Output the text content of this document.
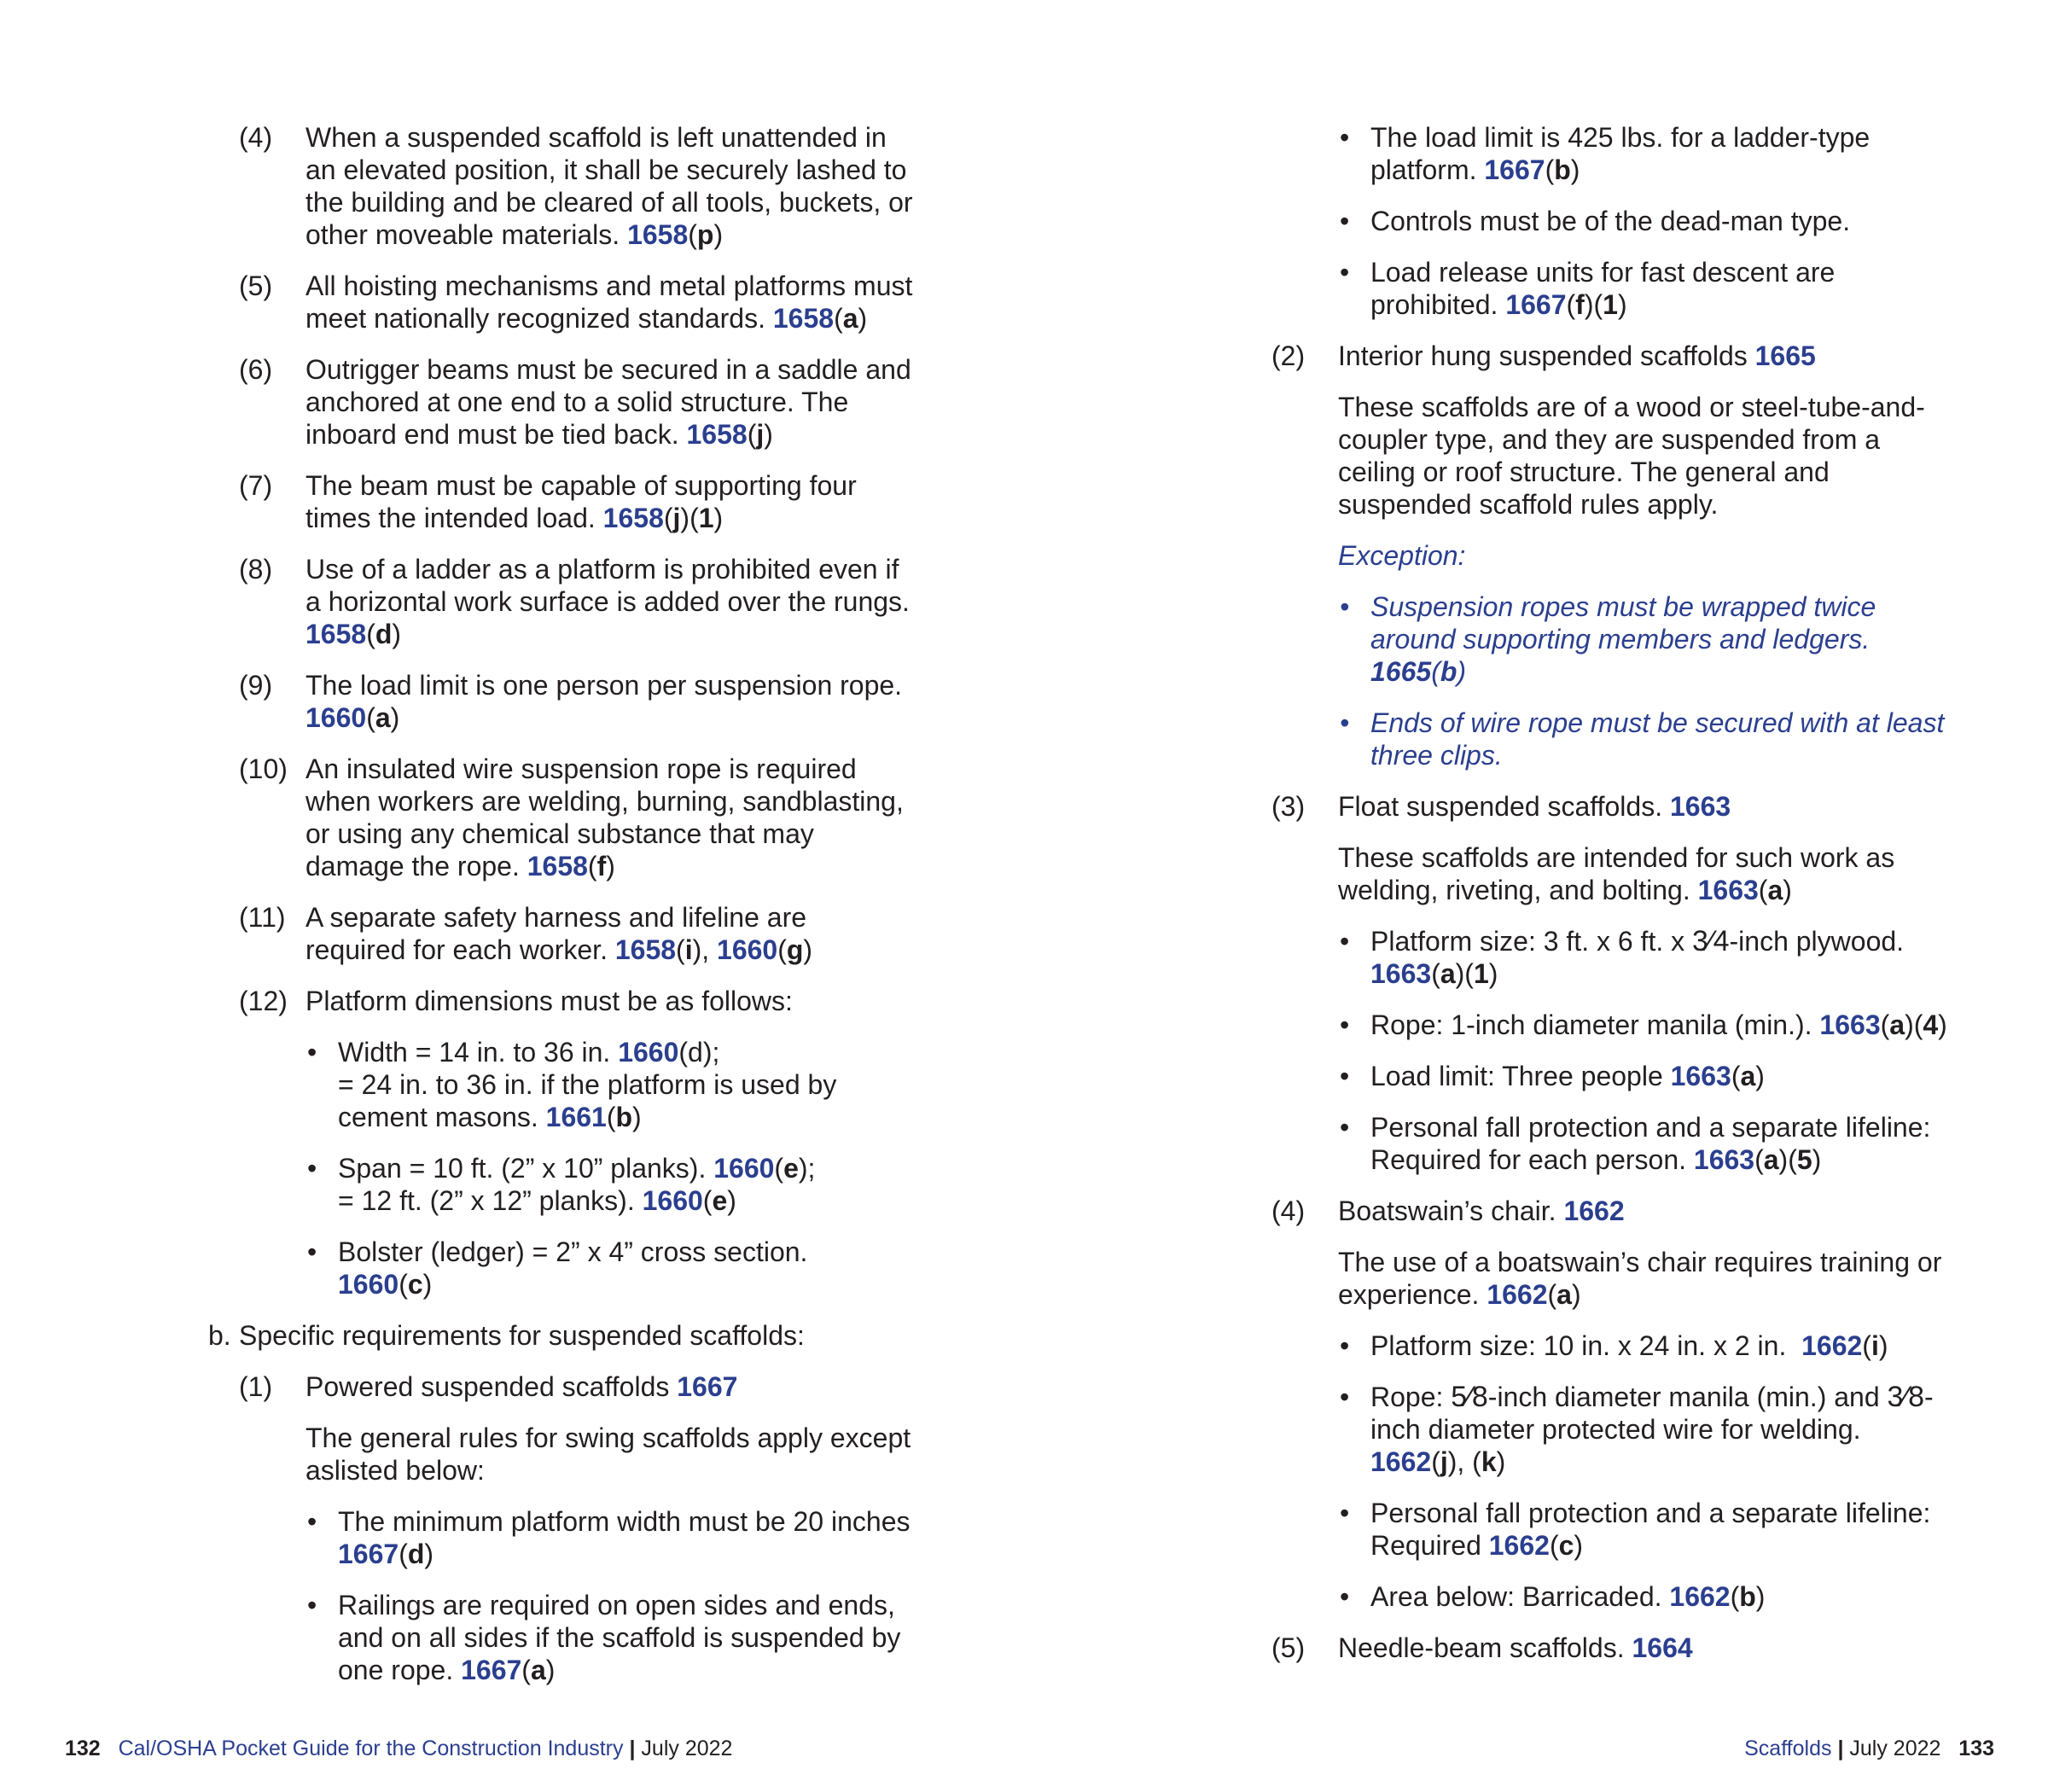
(4) When a suspended scaffold is left unattended in an elevated position, it shall be securely lashed to the building and be cleared of all tools, buckets, or other moveable materials. 1658(p)
(5) All hoisting mechanisms and metal platforms must meet nationally recognized standards. 1658(a)
(6) Outrigger beams must be secured in a saddle and anchored at one end to a solid structure. The inboard end must be tied back. 1658(j)
(7) The beam must be capable of supporting four times the intended load. 1658(j)(1)
(8) Use of a ladder as a platform is prohibited even if a horizontal work surface is added over the rungs. 1658(d)
(9) The load limit is one person per suspension rope. 1660(a)
(10) An insulated wire suspension rope is required when workers are welding, burning, sandblasting, or using any chemical substance that may damage the rope. 1658(f)
(11) A separate safety harness and lifeline are required for each worker. 1658(i), 1660(g)
(12) Platform dimensions must be as follows:
• Width = 14 in. to 36 in. 1660(d);
= 24 in. to 36 in. if the platform is used by cement masons. 1661(b)
• Span = 10 ft. (2” x 10” planks). 1660(e);
= 12 ft. (2” x 12” planks). 1660(e)
• Bolster (ledger) = 2” x 4” cross section.
1660(c)
b. Specific requirements for suspended scaffolds:
(1) Powered suspended scaffolds 1667
The general rules for swing scaffolds apply except aslisted below:
• The minimum platform width must be 20 inches
1667(d)
• Railings are required on open sides and ends, and on all sides if the scaffold is suspended by one rope. 1667(a)
• The load limit is 425 lbs. for a ladder-type platform. 1667(b)
• Controls must be of the dead-man type.
• Load release units for fast descent are prohibited. 1667(f)(1)
(2) Interior hung suspended scaffolds 1665
These scaffolds are of a wood or steel-tube-and-coupler type, and they are suspended from a ceiling or roof structure. The general and suspended scaffold rules apply.
Exception:
• Suspension ropes must be wrapped twice around supporting members and ledgers.
1665(b)
• Ends of wire rope must be secured with at least three clips.
(3) Float suspended scaffolds. 1663
These scaffolds are intended for such work as welding, riveting, and bolting. 1663(a)
• Platform size: 3 ft. x 6 ft. x 3⁄4-inch plywood.
1663(a)(1)
• Rope: 1-inch diameter manila (min.). 1663(a)(4)
• Load limit: Three people 1663(a)
• Personal fall protection and a separate lifeline: Required for each person. 1663(a)(5)
(4) Boatswain’s chair. 1662
The use of a boatswain’s chair requires training or experience. 1662(a)
• Platform size: 10 in. x 24 in. x 2 in. 1662(i)
• Rope: 5⁄8-inch diameter manila (min.) and 3⁄8-inch diameter protected wire for welding.
1662(j), (k)
• Personal fall protection and a separate lifeline: Required 1662(c)
• Area below: Barricaded. 1662(b)
(5) Needle-beam scaffolds. 1664
132 Cal/OSHA Pocket Guide for the Construction Industry | July 2022	Scaffolds | July 2022 133
